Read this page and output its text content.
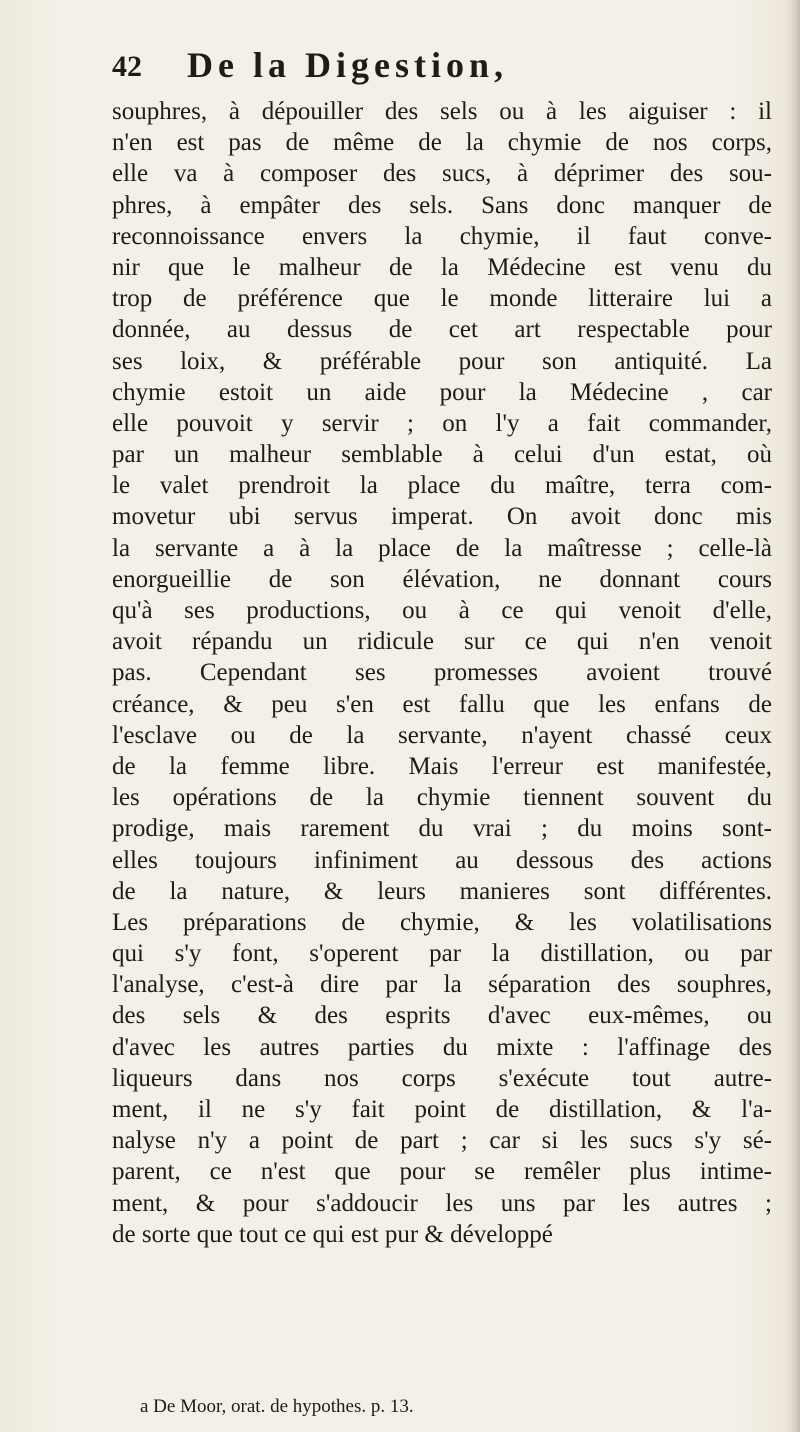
42 De la Digestion,
souphres, à dépouiller des sels ou à les aiguiser : il
n'en est pas de même de la chymie de nos corps,
elle va à composer des sucs, à déprimer des sou-
phres, à empâter des sels. Sans donc manquer de
reconnoissance envers la chymie, il faut conve-
nir que le malheur de la Médecine est venu du
trop de préférence que le monde litteraire lui a
donnée, au dessus de cet art respectable pour
ses loix, & préférable pour son antiquité. La
chymie estoit un aide pour la Médecine , car
elle pouvoit y servir ; on l'y a fait commander,
par un malheur semblable à celui d'un estat, où
le valet prendroit la place du maître, terra com-
movetur ubi servus imperat. On avoit donc mis
la servante a à la place de la maîtresse ; celle-là
enorgueillie de son élévation, ne donnant cours
qu'à ses productions, ou à ce qui venoit d'elle,
avoit répandu un ridicule sur ce qui n'en venoit
pas. Cependant ses promesses avoient trouvé
créance, & peu s'en est fallu que les enfans de
l'esclave ou de la servante, n'ayent chassé ceux
de la femme libre. Mais l'erreur est manifestée,
les opérations de la chymie tiennent souvent du
prodige, mais rarement du vrai ; du moins sont-
elles toujours infiniment au dessous des actions
de la nature, & leurs manieres sont différentes.
Les préparations de chymie, & les volatilisations
qui s'y font, s'operent par la distillation, ou par
l'analyse, c'est-à dire par la séparation des souphres,
des sels & des esprits d'avec eux-mêmes, ou
d'avec les autres parties du mixte : l'affinage des
liqueurs dans nos corps s'exécute tout autre-
ment, il ne s'y fait point de distillation, & l'a-
nalyse n'y a point de part ; car si les sucs s'y sé-
parent, ce n'est que pour se remêler plus intime-
ment, & pour s'addoucir les uns par les autres ;
de sorte que tout ce qui est pur & développé
a De Moor, orat. de hypothes. p. 13.
